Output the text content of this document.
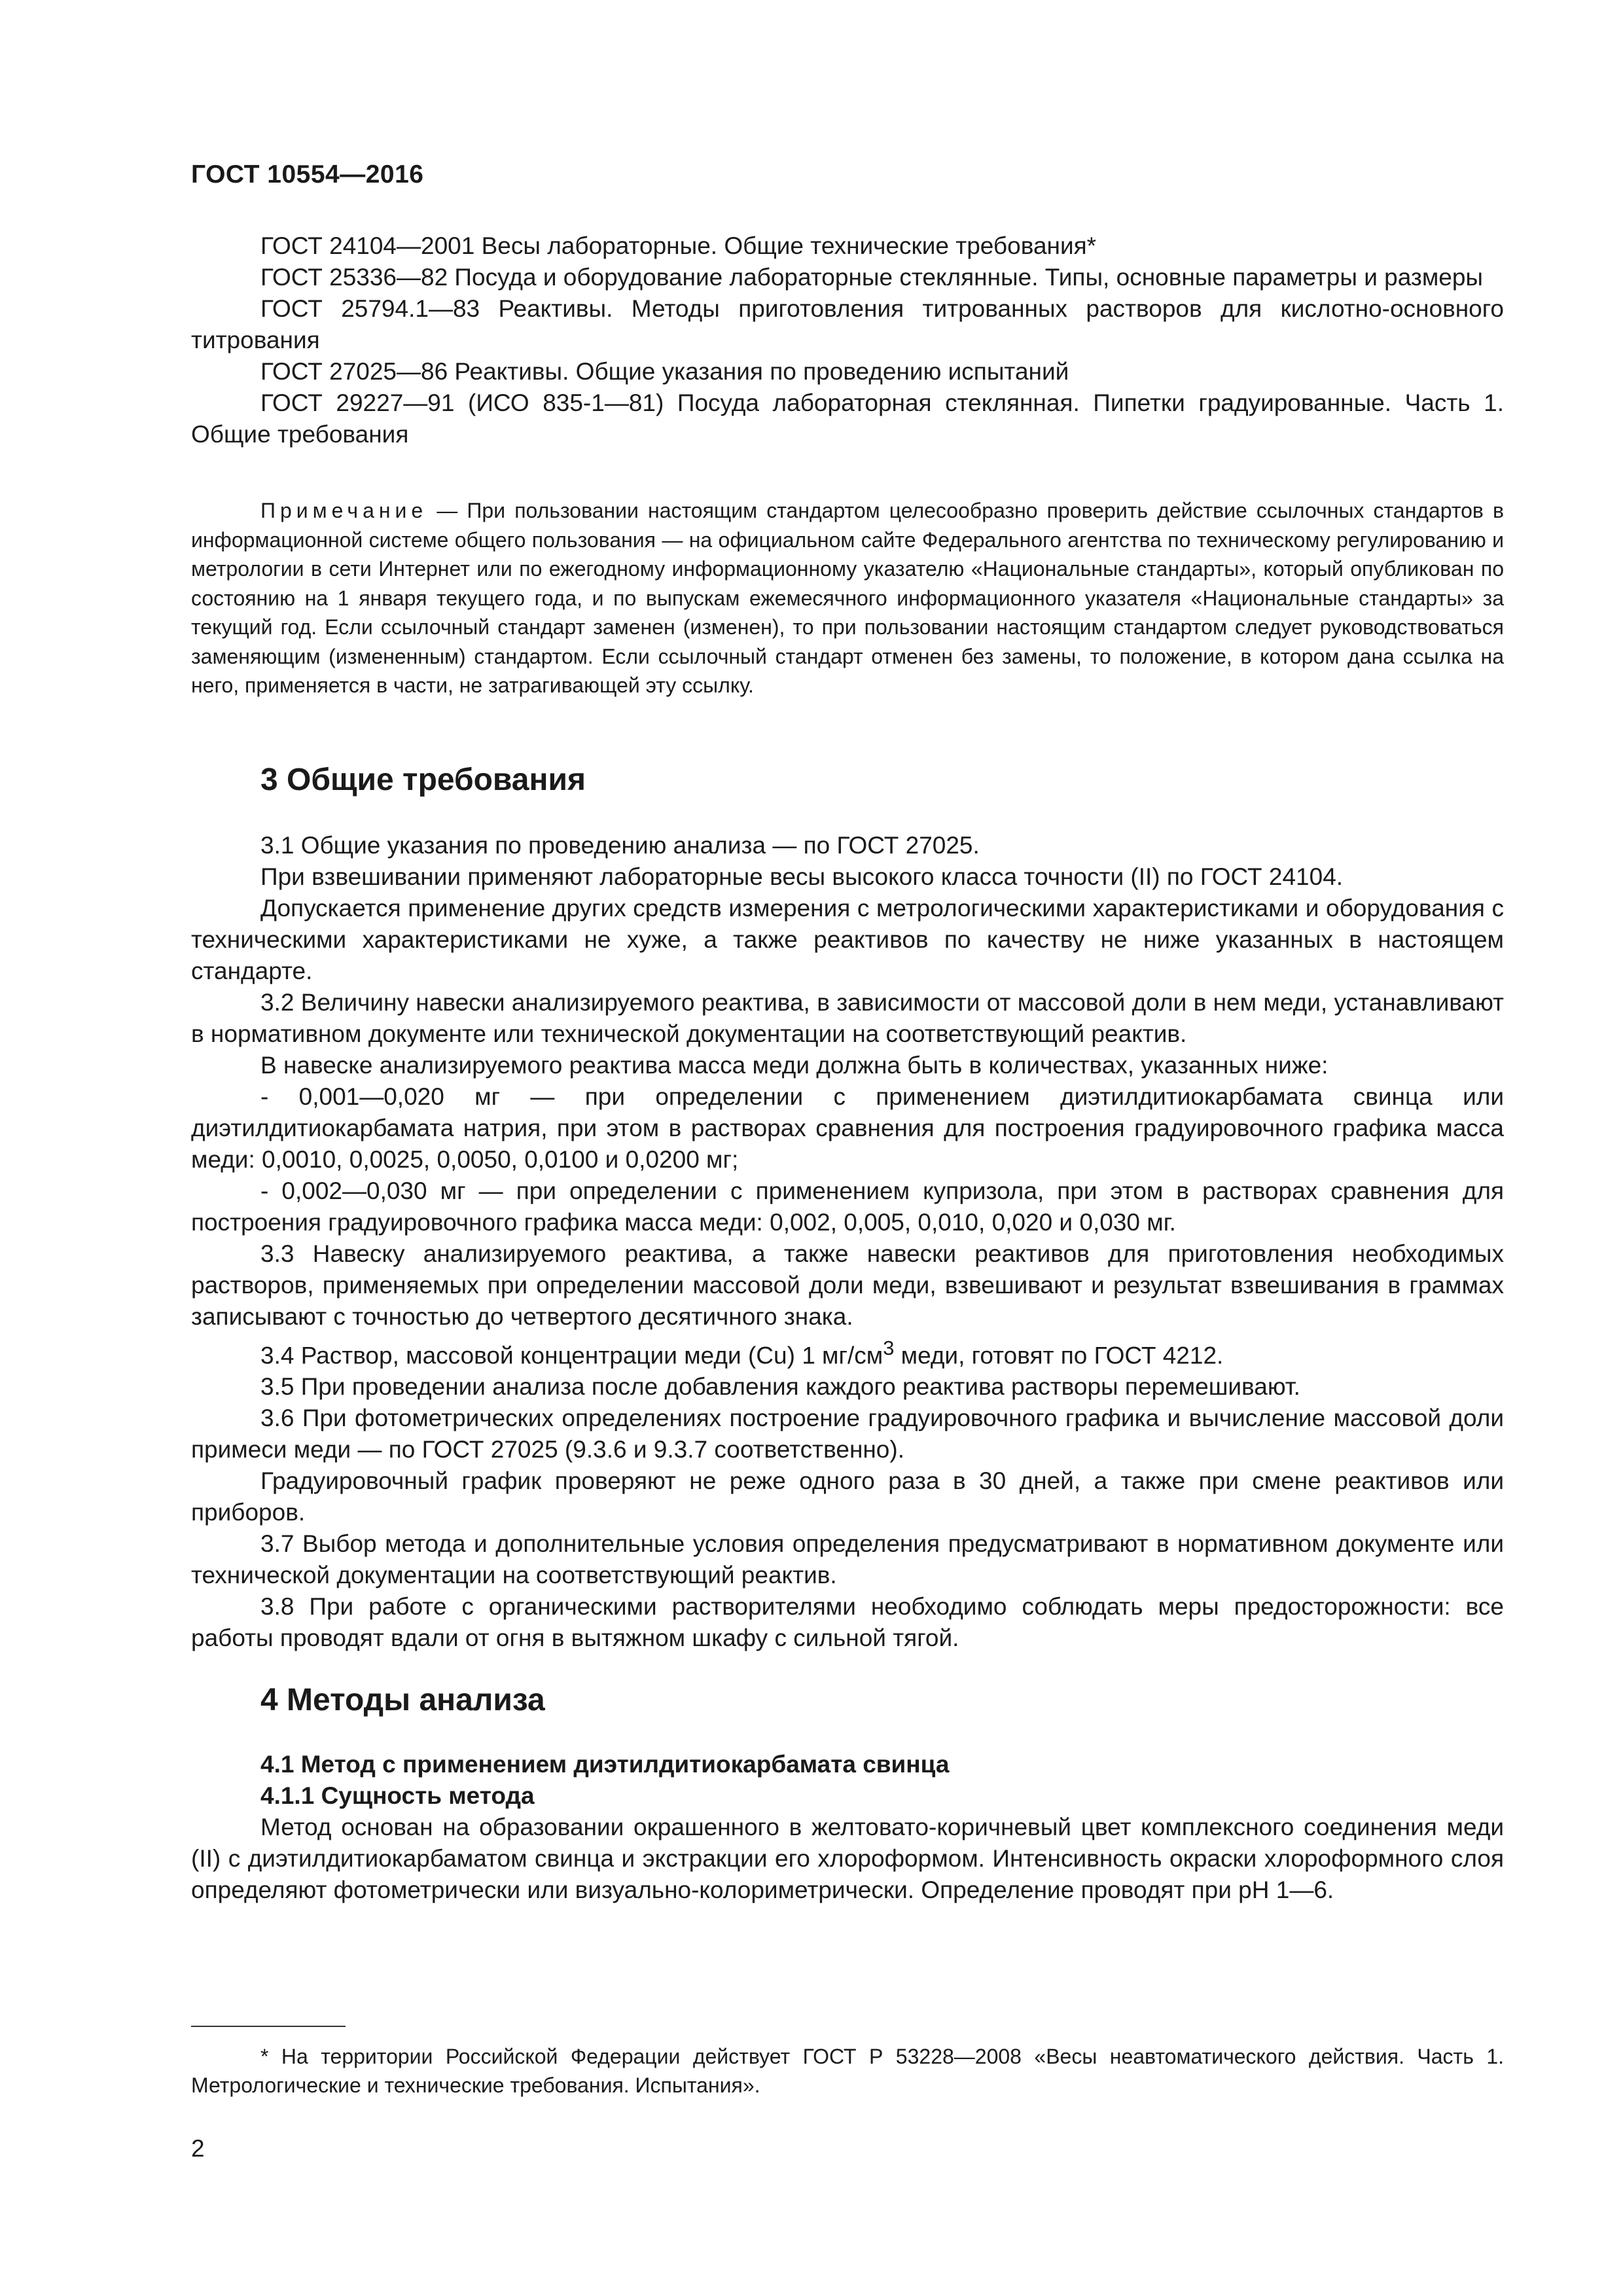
ГОСТ 10554—2016

ГОСТ 24104—2001 Весы лабораторные. Общие технические требования*

ГОСТ 25336—82 Посуда и оборудование лабораторные стеклянные. Типы, основные параметры и размеры

ГОСТ 25794.1—83 Реактивы. Методы приготовления титрованных растворов для кислотно-основного титрования

ГОСТ 27025—86 Реактивы. Общие указания по проведению испытаний

ГОСТ 29227—91 (ИСО 835-1—81) Посуда лабораторная стеклянная. Пипетки градуированные. Часть 1. Общие требования

Примечание — При пользовании настоящим стандартом целесообразно проверить действие ссылочных стандартов в информационной системе общего пользования — на официальном сайте Федерального агентства по техническому регулированию и метрологии в сети Интернет или по ежегодному информационному указателю «Национальные стандарты», который опубликован по состоянию на 1 января текущего года, и по выпускам ежемесячного информационного указателя «Национальные стандарты» за текущий год. Если ссылочный стандарт заменен (изменен), то при пользовании настоящим стандартом следует руководствоваться заменяющим (измененным) стандартом. Если ссылочный стандарт отменен без замены, то положение, в котором дана ссылка на него, применяется в части, не затрагивающей эту ссылку.

3 Общие требования

3.1 Общие указания по проведению анализа — по ГОСТ 27025.

При взвешивании применяют лабораторные весы высокого класса точности (II) по ГОСТ 24104.

Допускается применение других средств измерения с метрологическими характеристиками и оборудования с техническими характеристиками не хуже, а также реактивов по качеству не ниже указанных в настоящем стандарте.

3.2 Величину навески анализируемого реактива, в зависимости от массовой доли в нем меди, устанавливают в нормативном документе или технической документации на соответствующий реактив.

В навеске анализируемого реактива масса меди должна быть в количествах, указанных ниже:

- 0,001—0,020 мг — при определении с применением диэтилдитиокарбамата свинца или диэтилдитиокарбамата натрия, при этом в растворах сравнения для построения градуировочного графика масса меди: 0,0010, 0,0025, 0,0050, 0,0100 и 0,0200 мг;

- 0,002—0,030 мг — при определении с применением купризола, при этом в растворах сравнения для построения градуировочного графика масса меди: 0,002, 0,005, 0,010, 0,020 и 0,030 мг.

3.3 Навеску анализируемого реактива, а также навески реактивов для приготовления необходимых растворов, применяемых при определении массовой доли меди, взвешивают и результат взвешивания в граммах записывают с точностью до четвертого десятичного знака.

3.4 Раствор, массовой концентрации меди (Cu) 1 $мг/см^3$ меди, готовят по ГОСТ 4212.

3.5 При проведении анализа после добавления каждого реактива растворы перемешивают.

3.6 При фотометрических определениях построение градуировочного графика и вычисление массовой доли примеси меди — по ГОСТ 27025 (9.3.6 и 9.3.7 соответственно).

Градуировочный график проверяют не реже одного раза в 30 дней, а также при смене реактивов или приборов.

3.7 Выбор метода и дополнительные условия определения предусматривают в нормативном документе или технической документации на соответствующий реактив.

3.8 При работе с органическими растворителями необходимо соблюдать меры предосторожности: все работы проводят вдали от огня в вытяжном шкафу с сильной тягой.

4 Методы анализа
4.1 Метод с применением диэтилдитиокарбамата свинца
4.1.1 Сущность метода

Метод основан на образовании окрашенного в желтовато-коричневый цвет комплексного соединения меди (II) с диэтилдитиокарбаматом свинца и экстракции его хлороформом. Интенсивность окраски хлороформного слоя определяют фотометрически или визуально-колориметрически. Определение проводят при pH 1—6.

* На территории Российской Федерации действует ГОСТ Р 53228—2008 «Весы неавтоматического действия. Часть 1. Метрологические и технические требования. Испытания».

2
